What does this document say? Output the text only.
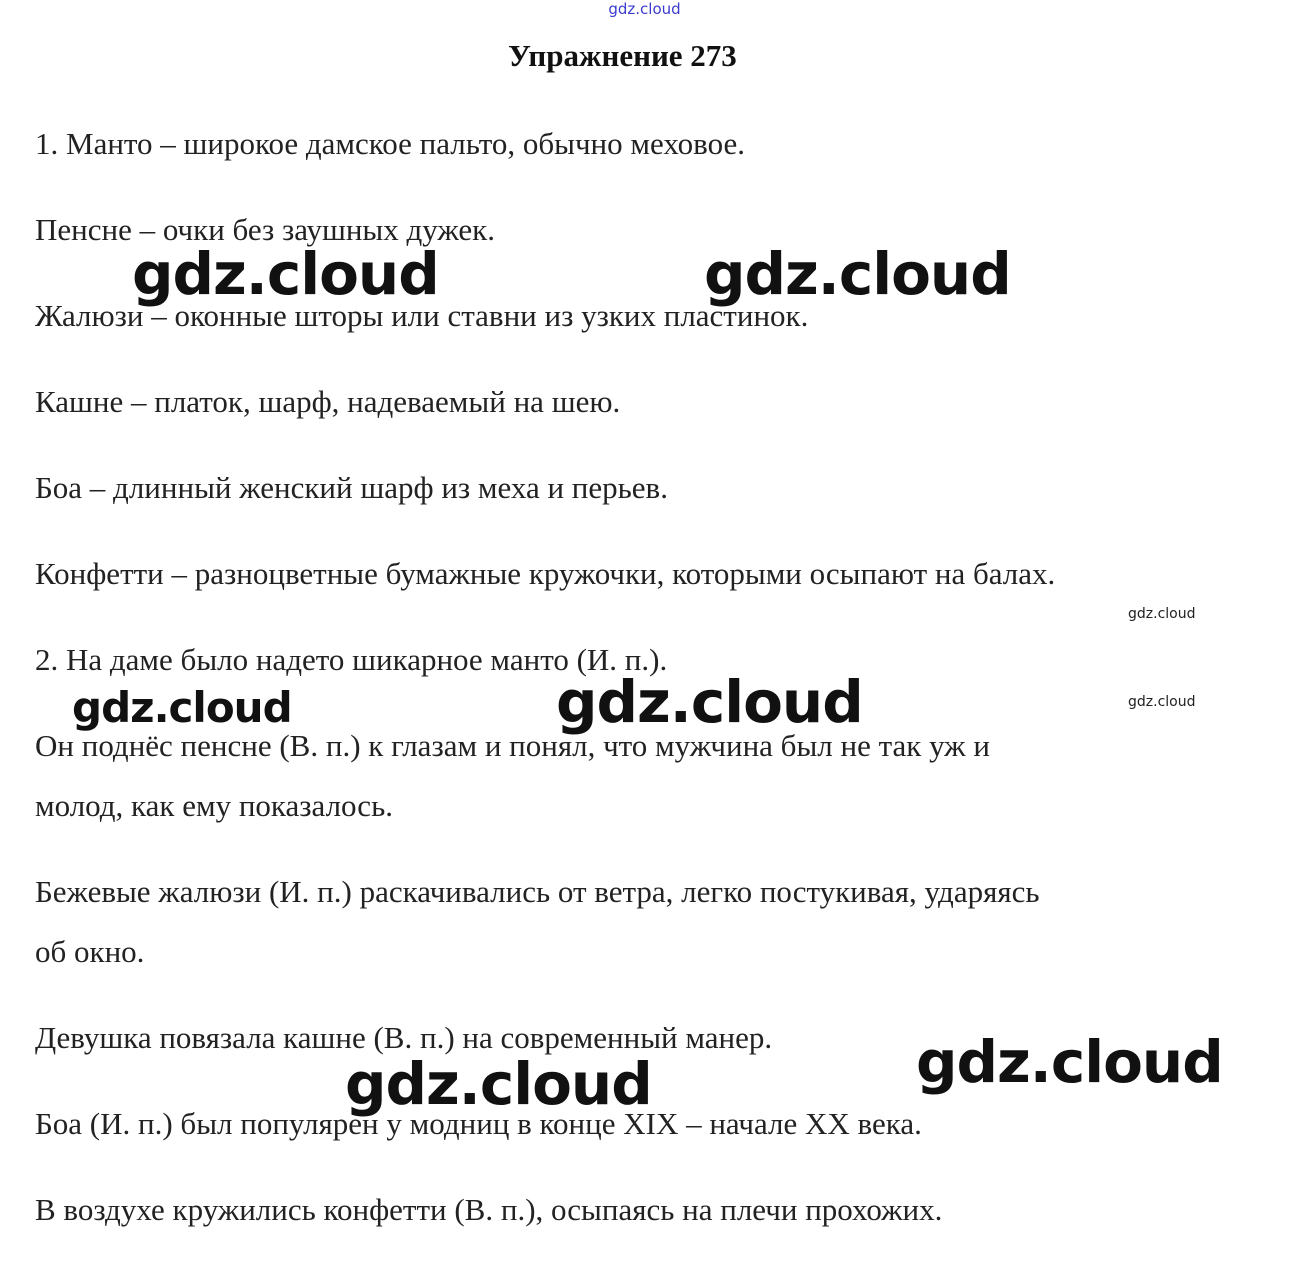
gdz.cloud
Упражнение 273
1. Манто – широкое дамское пальто, обычно меховое.
Пенсне – очки без заушных дужек.
Жалюзи – оконные шторы или ставни из узких пластинок.
Кашне – платок, шарф, надеваемый на шею.
Боа – длинный женский шарф из меха и перьев.
Конфетти – разноцветные бумажные кружочки, которыми осыпают на балах.
2. На даме было надето шикарное манто (И. п.).
Он поднёс пенсне (В. п.) к глазам и понял, что мужчина был не так уж и
молод, как ему показалось.
Бежевые жалюзи (И. п.) раскачивались от ветра, легко постукивая, ударяясь
об окно.
Девушка повязала кашне (В. п.) на современный манер.
Боа (И. п.) был популярен у модниц в конце XIX – начале XX века.
В воздухе кружились конфетти (В. п.), осыпаясь на плечи прохожих.
gdz.cloud	gdz.cloud
gdz.cloud	gdz.cloud
gdz.cloud
gdz.cloud
gdz.cloud
gdz.cloud
